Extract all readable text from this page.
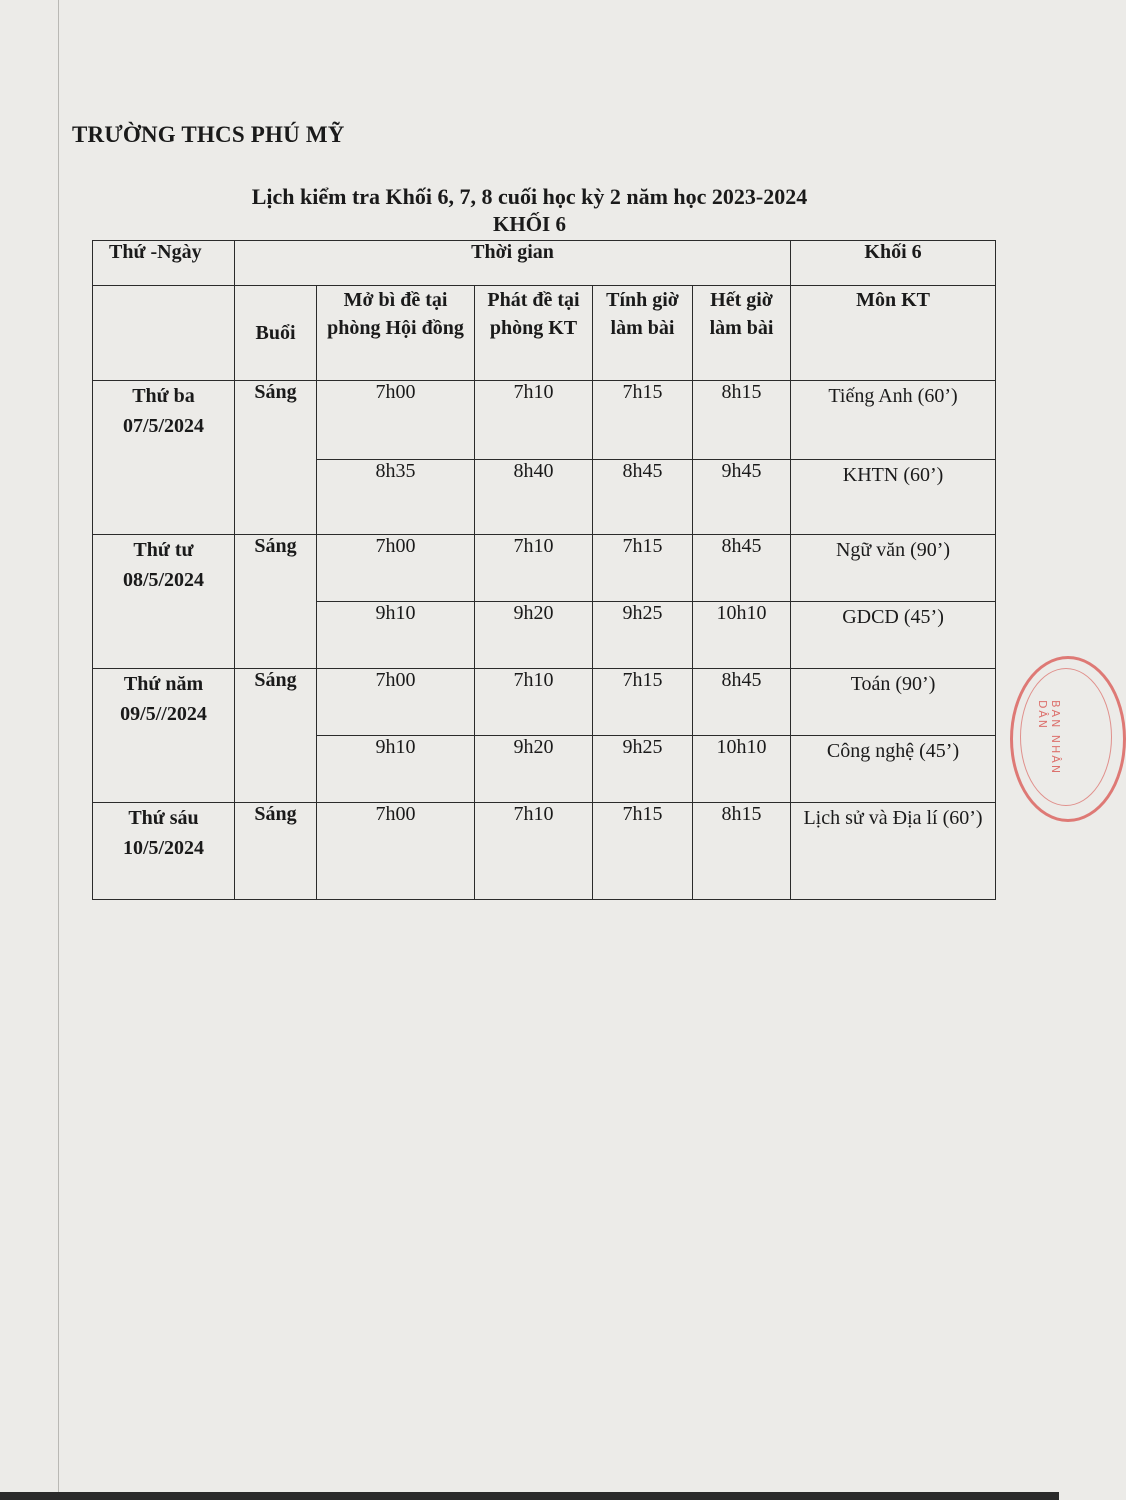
TRƯỜNG THCS PHÚ MỸ
Lịch kiểm tra Khối 6, 7, 8 cuối học kỳ 2 năm học 2023-2024
KHỐI 6
Thứ -Ngày	Thời gian					Khối 6
	Buổi	Mở bì đề tại phòng Hội đồng	Phát đề tại phòng KT	Tính giờ làm bài	Hết giờ làm bài	Môn KT

Thứ ba
07/5/2024	Sáng	7h00	7h10	7h15	8h15	Tiếng Anh (60’)
		8h35	8h40	8h45	9h45	KHTN (60’)

Thứ tư
08/5/2024	Sáng	7h00	7h10	7h15	8h45	Ngữ văn (90’)
		9h10	9h20	9h25	10h10	GDCD (45’)

Thứ năm
09/5//2024	Sáng	7h00	7h10	7h15	8h45	Toán (90’)
		9h10	9h20	9h25	10h10	Công nghệ (45’)

Thứ sáu
10/5/2024	Sáng	7h00	7h10	7h15	8h15	Lịch sử và Địa lí (60’)
BAN NHÂN DÂN
